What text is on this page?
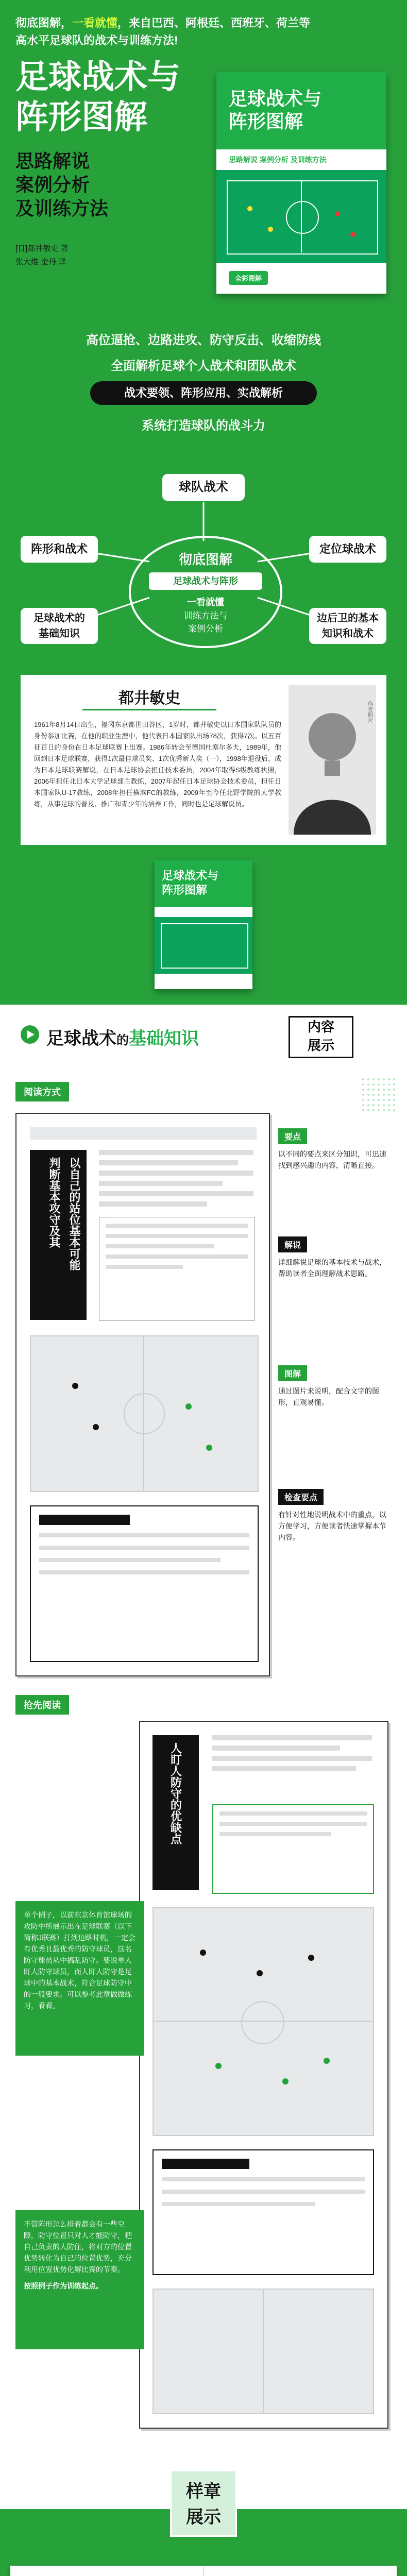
彻底图解，一看就懂，来自巴西、阿根廷、西班牙、荷兰等
高水平足球队的战术与训练方法!
足球战术与
阵形图解
思路解说
案例分析
及训练方法
[日]都井敏史 著
张大维 金丹 译
足球战术与
阵形图解
思路解说 案例分析 及训练方法
全彩图解
高位逼抢、边路进攻、防守反击、收缩防线
全面解析足球个人战术和团队战术
战术要领、阵形应用、实战解析
系统打造球队的战斗力
球队战术
阵形和战术	定位球战术
足球战术的
基础知识
边后卫的基本
知识和战术
彻底图解
足球战术与阵形
一看就懂
训练方法与
案例分析
都井敏史
1961年8月14日出生，福冈东京都世田谷区，1岁时，都井敏史以日本国家队队员的身份参加比赛，在他的职业生涯中，他代表日本国家队出场78次，获得7次。以五百征百日的身份在日本足球联赛上出赛。1986年转会至德国杜塞尔多夫，1989年，他回到日本足球联赛，获得1次最佳球员奖、1次优秀新人奖（一），1998年退役后，成为日本足球联赛解说，在日本足球协会担任技术委员，2004年取得S级教练执照，2006年担任北日本大学足球部主教练，2007年起任日本足球协会技术委员，担任日本国家队U-17教练，2008年担任横滨FC的教练，2009年至今任北野学院的大学教练，从事足球的普及、推广和青少年的培养工作，同时也是足球解说员。
作者照片
足球战术与
阵形图解
足球战术的基础知识
内容
展示
阅读方式
以自己的站位基本可能
判断基本攻守及其
要点
以不同的要点来区分知识，可迅速找到感兴趣的内容，清晰直接。
解说
详细解说足球的基本技术与战术，帮助读者全面理解战术思路。
图解
通过图片来说明，配合文字的图形，直观易懂。
检查要点
有针对性地说明战术中的重点，以方便学习，方便读者快速掌握本节内容。
抢先阅读
人盯人防守的优缺点
单个例子，以前东京体育馆球场的攻防中所展示出在足球联赛（以下简称J联赛）打到边路时机，一定会有优秀且最优秀的防守球员，这名防守球员从中搞乱防守。要说单人盯人防守球员，而人盯人防守是足球中的基本战术，符合足球防守中的一般要求。可以参考此章做做练习，看看。
不管阵形怎么排着都会有一些空隙，防守位置只对人才能防守，把自己负责的人防住，将对方的位置优势转化为自己的位置优势，充分利用位置优势化解比赛的节奏。
按照例子作为训练起点。
样章
展示
